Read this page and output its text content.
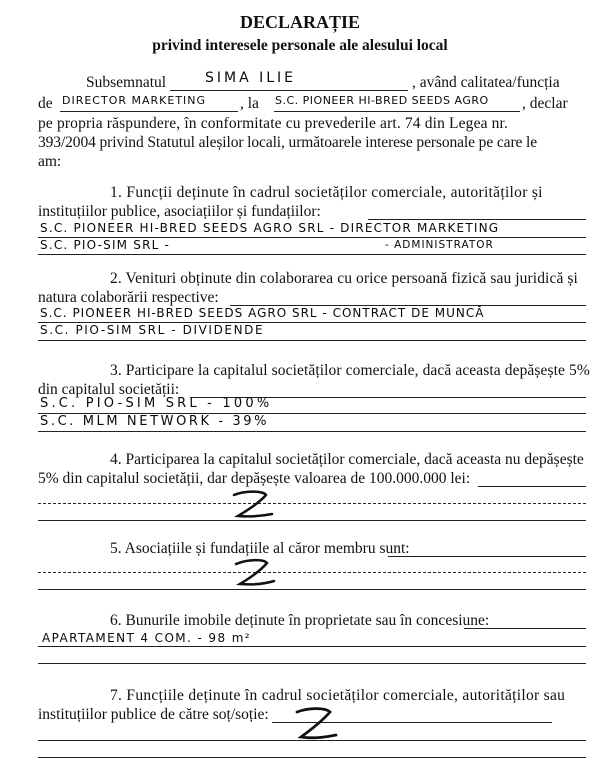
DECLARAȚIE
privind interesele personale ale alesului local
Subsemnatul	SIMA ILIE	, având calitatea/funcția
de DIRECTOR MARKETING , la S.C. PIONEER HI-BRED SEEDS AGRO , declar
pe propria răspundere, în conformitate cu prevederile art. 74 din Legea nr.
393/2004 privind Statutul aleșilor locali, următoarele interese personale pe care le
am:
1. Funcții deținute în cadrul societăților comerciale, autorităților și
instituțiilor publice, asociațiilor și fundațiilor:
S.C. PIONEER HI-BRED SEEDS AGRO SRL - DIRECTOR MARKETING
S.C. PIO-SIM SRL -	- ADMINISTRATOR
2. Venituri obținute din colaborarea cu orice persoană fizică sau juridică și
natura colaborării respective:
S.C. PIONEER HI-BRED SEEDS AGRO SRL - CONTRACT DE MUNCĂ
S.C. PIO-SIM SRL - DIVIDENDE
3. Participare la capitalul societăților comerciale, dacă aceasta depășește 5%
din capitalul societății:
S.C. PIO-SIM SRL - 100%
S.C. MLM NETWORK - 39%
4. Participarea la capitalul societăților comerciale, dacă aceasta nu depășește
5% din capitalul societății, dar depășește valoarea de 100.000.000 lei:
5. Asociațiile și fundațiile al căror membru sunt:
6. Bunurile imobile deținute în proprietate sau în concesiune:
APARTAMENT 4 COM. - 98 m²
7. Funcțiile deținute în cadrul societăților comerciale, autorităților sau
instituțiilor publice de către soț/soție:
